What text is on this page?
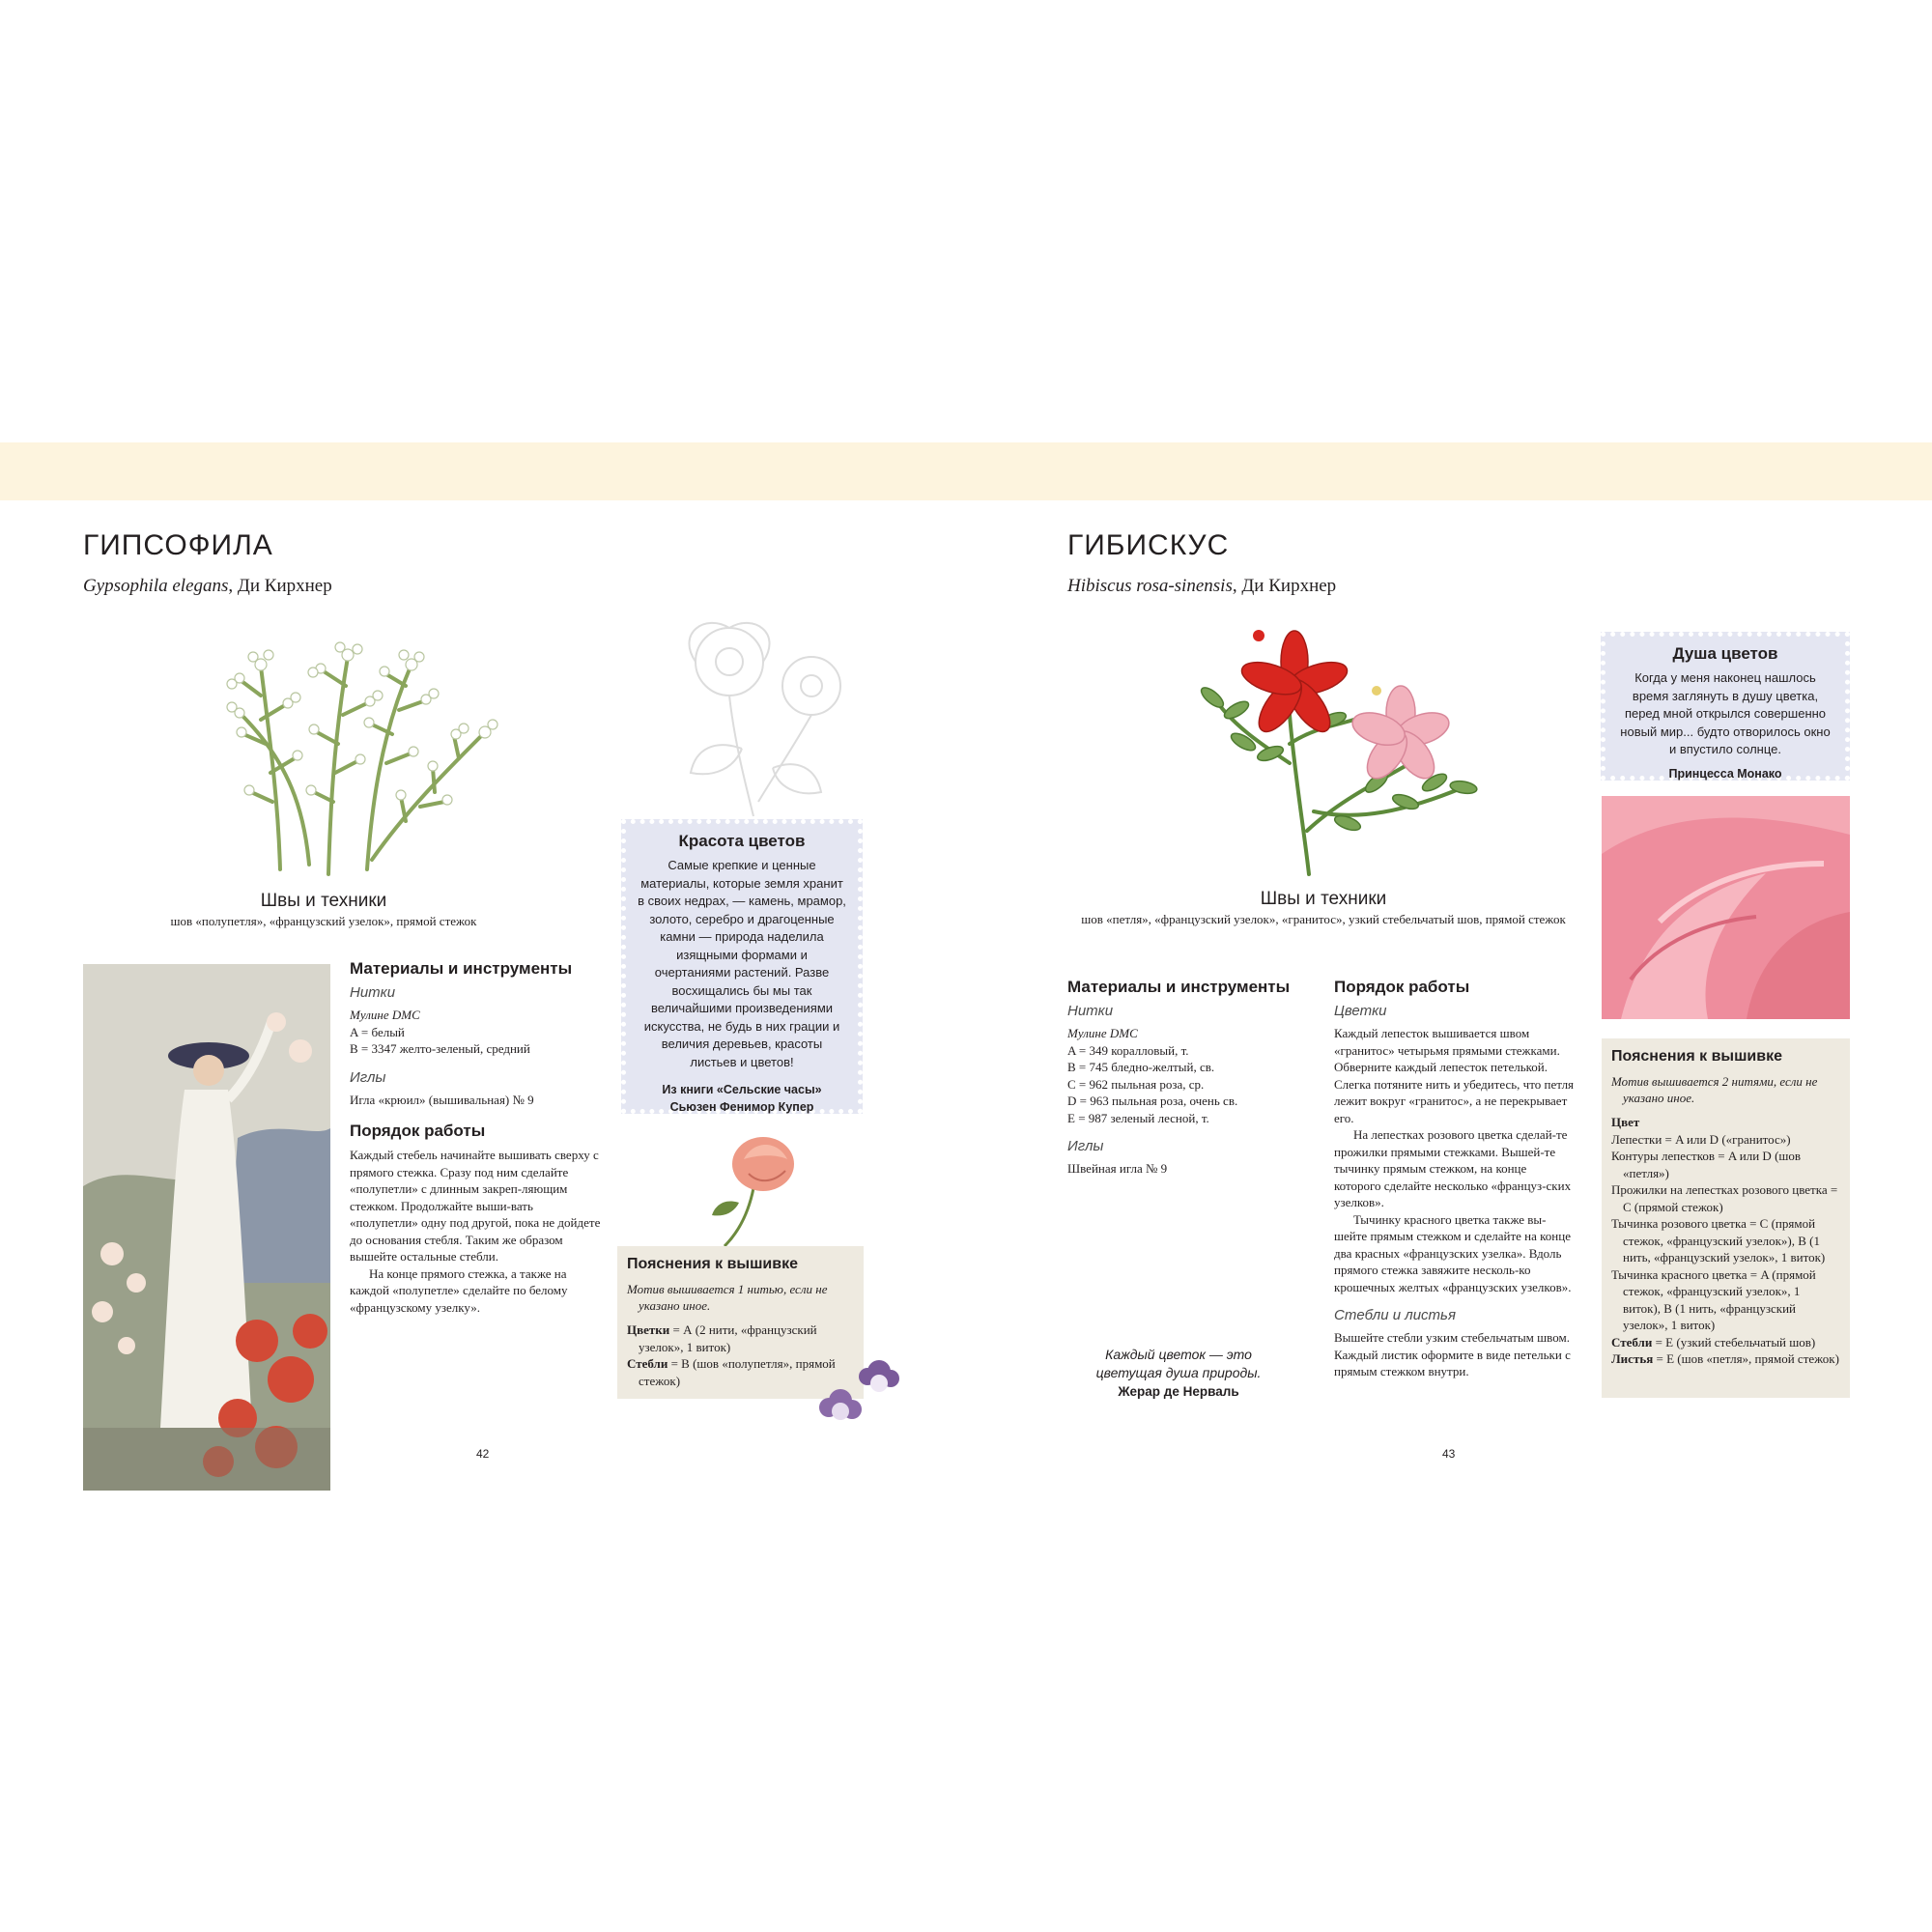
ГИПСОФИЛА

Gypsophila elegans, Ди Кирхнер

Швы и техники
шов «полупетля», «французский узелок», прямой стежок

Материалы и инструменты

Нитки

Мулине DMC

A = белый

B = 3347 желто-зеленый, средний

Иглы

Игла «крюил» (вышивальная) № 9

Порядок работы

Каждый стебель начинайте вышивать сверху с прямого стежка. Сразу под ним сделайте «полупетли» с длинным закреп-ляющим стежком. Продолжайте выши-вать «полупетли» одну под другой, пока не дойдете до основания стебля. Таким же образом вышейте остальные стебли.

На конце прямого стежка, а также на каждой «полупетле» сделайте по белому «французскому узелку».

Красота цветов

Самые крепкие и ценные материалы, которые земля хранит в своих недрах, — камень, мрамор, золото, серебро и драгоценные камни — природа наделила изящными формами и очертаниями растений. Разве восхищались бы мы так величайшими произведениями искусства, не будь в них грации и величия деревьев, красоты листьев и цветов!

Из книги «Сельские часы»
Сьюзен Фенимор Купер

Пояснения к вышивке

Мотив вышивается 1 нитью, если не указано иное.

Цветки = А (2 нити, «французский узелок», 1 виток)

Стебли = В (шов «полупетля», прямой стежок)

42
ГИБИСКУС

Hibiscus rosa-sinensis, Ди Кирхнер

Швы и техники
шов «петля», «французский узелок», «гранитос», узкий стебельчатый шов, прямой стежок

Материалы и инструменты

Нитки

Мулине DMC

A = 349 коралловый, т.

B = 745 бледно-желтый, св.

C = 962 пыльная роза, ср.

D = 963 пыльная роза, очень св.

E = 987 зеленый лесной, т.

Иглы

Швейная игла № 9

Каждый цветок — это цветущая душа природы.

Жерар де Нерваль

Порядок работы

Цветки

Каждый лепесток вышивается швом «гранитос» четырьмя прямыми стежками. Обверните каждый лепесток петелькой. Слегка потяните нить и убедитесь, что петля лежит вокруг «гранитос», а не перекрывает его.

На лепестках розового цветка сделай-те прожилки прямыми стежками. Вышей-те тычинку прямым стежком, на конце которого сделайте несколько «француз-ских узелков».

Тычинку красного цветка также вы-шейте прямым стежком и сделайте на конце два красных «французских узелка». Вдоль прямого стежка завяжите несколь-ко крошечных желтых «французских узелков».

Стебли и листья

Вышейте стебли узким стебельчатым швом. Каждый листик оформите в виде петельки с прямым стежком внутри.

Душа цветов

Когда у меня наконец нашлось время заглянуть в душу цветка, перед мной открылся совершенно новый мир... будто отворилось окно и впустило солнце.

Принцесса Монако

Пояснения к вышивке

Мотив вышивается 2 нитями, если не указано иное.

Цвет

Лепестки = A или D («гранитос»)

Контуры лепестков = A или D (шов «петля»)

Прожилки на лепестках розового цветка = C (прямой стежок)

Тычинка розового цветка = C (прямой стежок, «французский узелок»), B (1 нить, «французский узелок», 1 виток)

Тычинка красного цветка = A (прямой стежок, «французский узелок», 1 виток), B (1 нить, «французский узелок», 1 виток)

Стебли = E (узкий стебельчатый шов)

Листья = E (шов «петля», прямой стежок)

43
